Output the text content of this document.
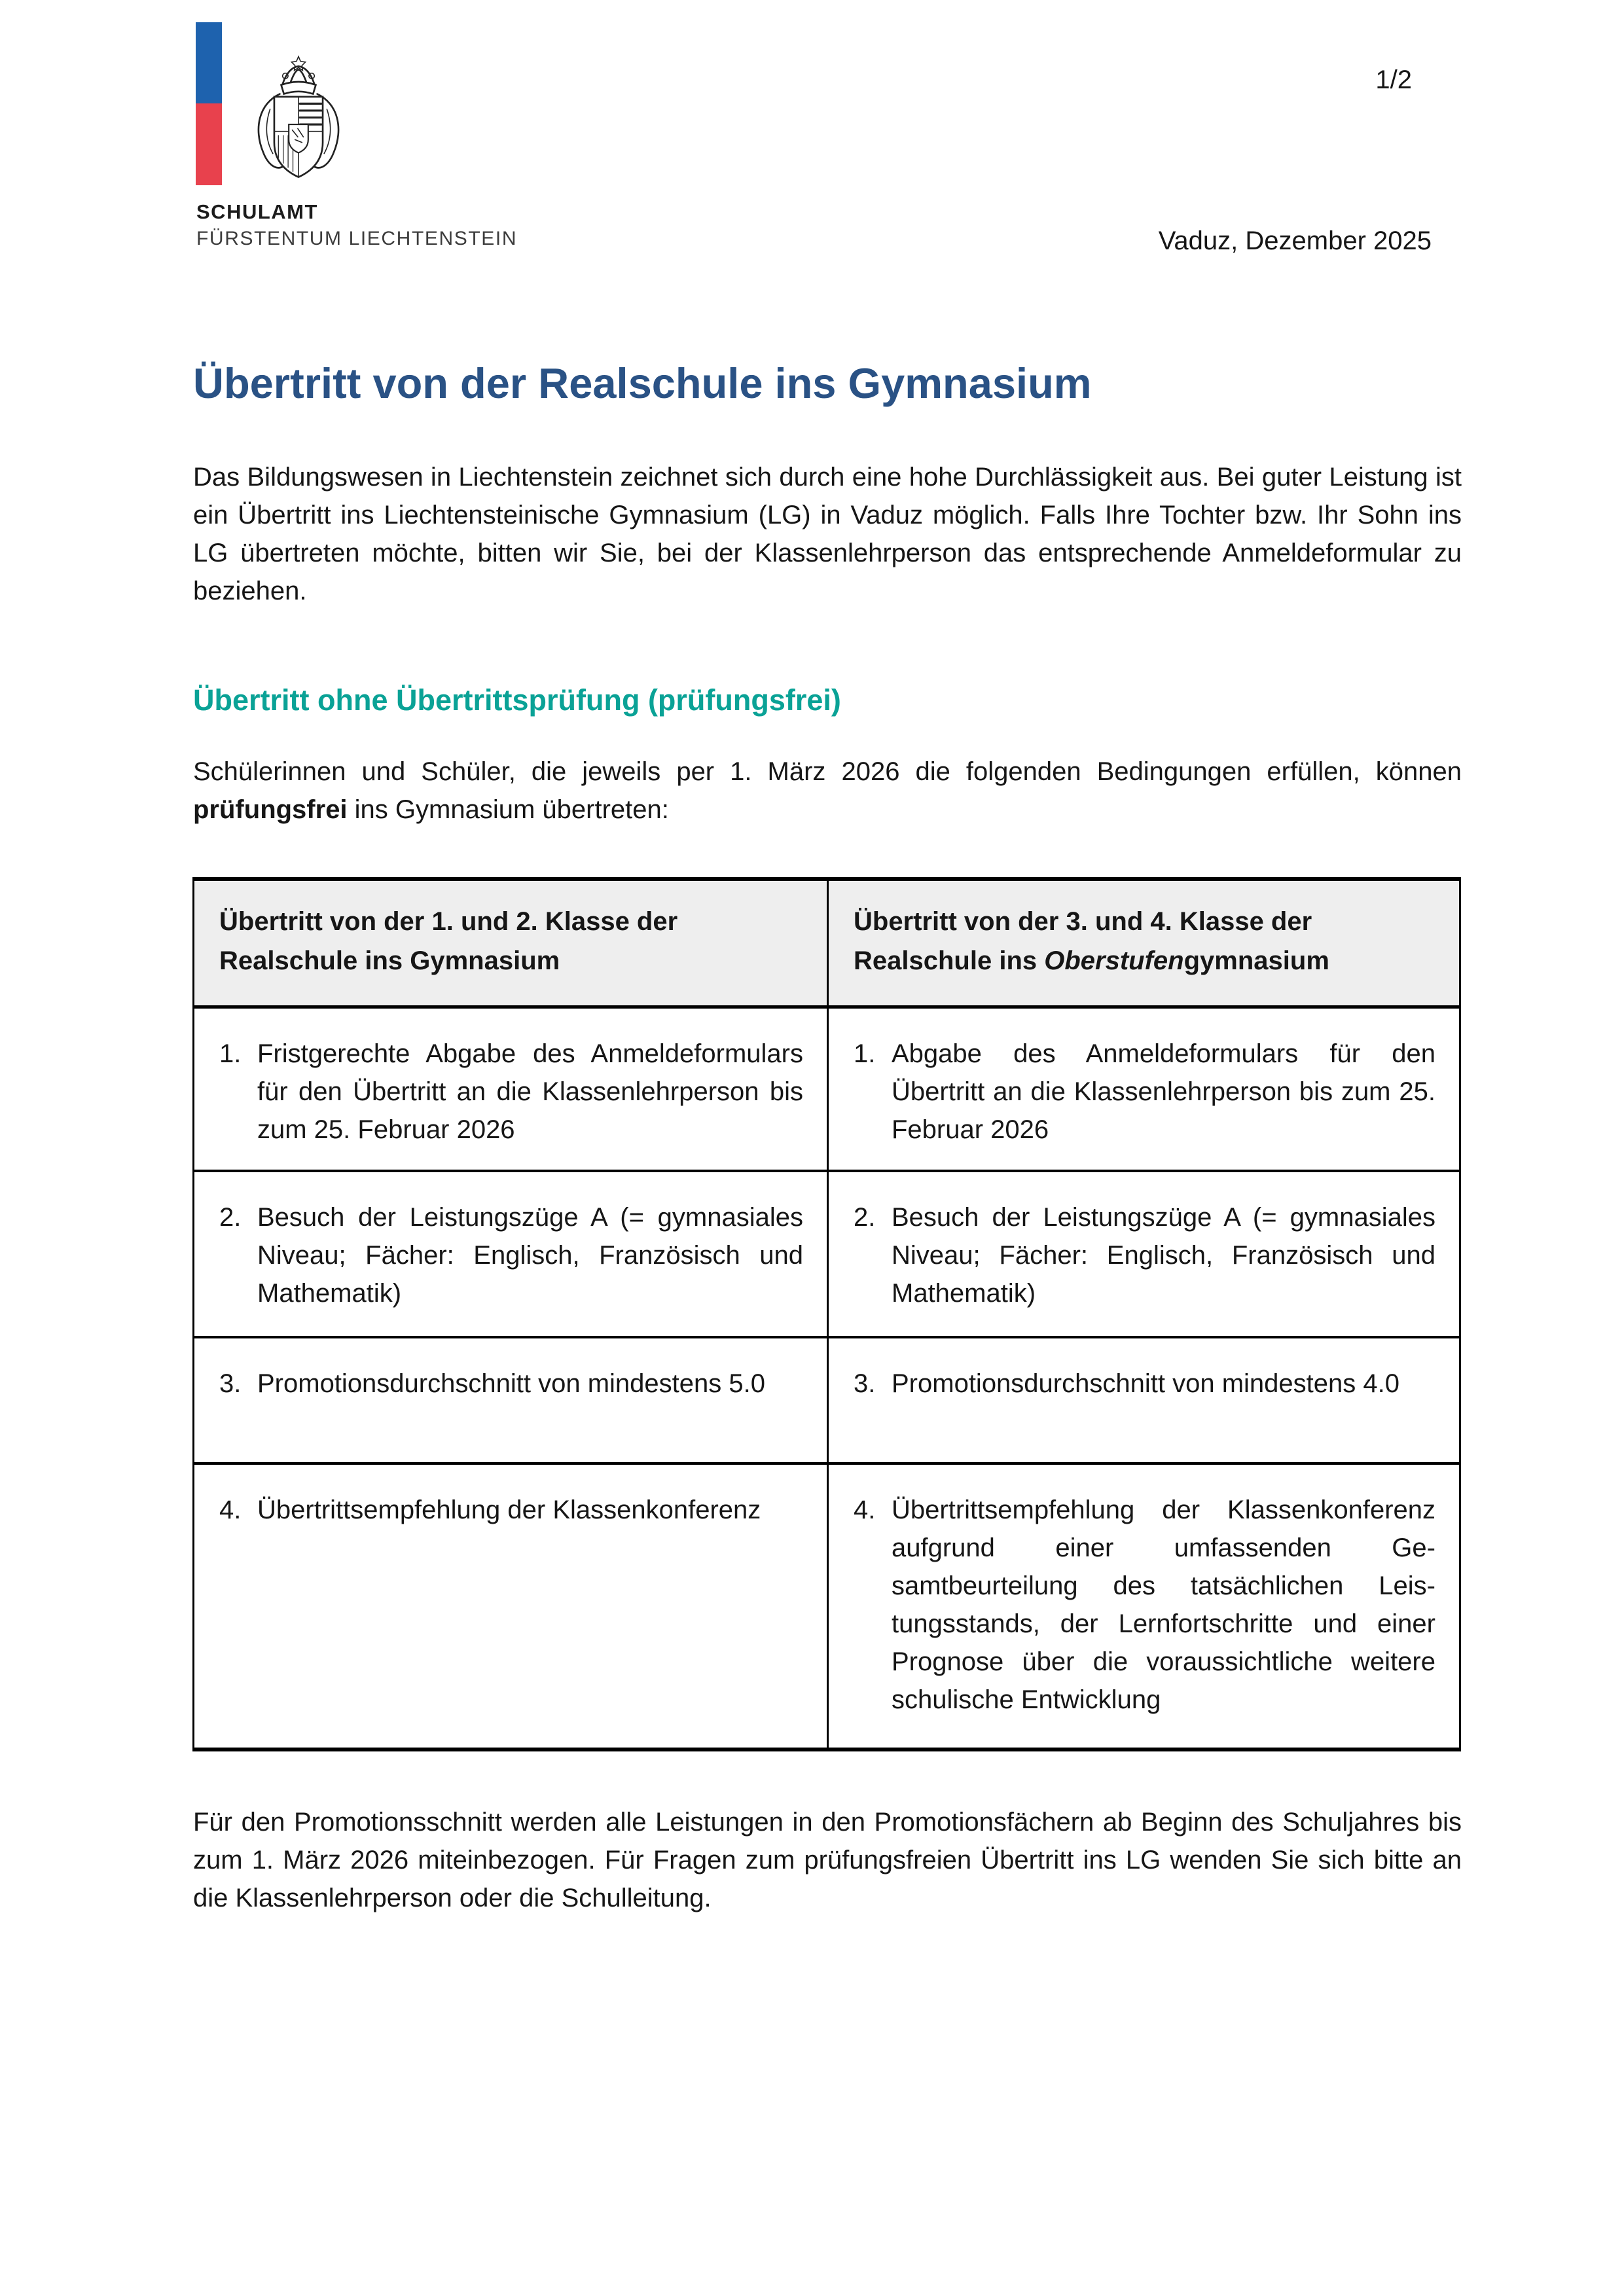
SCHULAMT
FÜRSTENTUM LIECHTENSTEIN
1/2
Vaduz, Dezember 2025
Übertritt von der Realschule ins Gymnasium

Das Bildungswesen in Liechtenstein zeichnet sich durch eine hohe Durchlässigkeit aus. Bei guter Leistung ist ein Übertritt ins Liechtensteinische Gymnasium (LG) in Vaduz möglich. Falls Ihre Tochter bzw. Ihr Sohn ins LG übertreten möchte, bitten wir Sie, bei der Klassenlehrperson das entsprechende Anmeldeformular zu beziehen.

Übertritt ohne Übertrittsprüfung (prüfungsfrei)

Schülerinnen und Schüler, die jeweils per 1. März 2026 die folgenden Bedingungen erfüllen, können prüfungsfrei ins Gymnasium übertreten:

Übertritt von der 1. und 2. Klasse der Realschule ins Gymnasium
Übertritt von der 3. und 4. Klasse der Realschule ins Oberstufengymnasium
1. Fristgerechte Abgabe des Anmeldeformulars für den Übertritt an die Klassenlehrperson bis zum 25. Februar 2026
1. Abgabe des Anmeldeformulars für den Übertritt an die Klassenlehrperson bis zum 25. Februar 2026
2. Besuch der Leistungszüge A (= gymnasiales Niveau; Fächer: Englisch, Französisch und Mathematik)
2. Besuch der Leistungszüge A (= gymnasiales Niveau; Fächer: Englisch, Französisch und Mathematik)
3. Promotionsdurchschnitt von mindestens 5.0	3. Promotionsdurchschnitt von mindestens 4.0
4. Übertrittsempfehlung der Klassenkonferenz	4. Übertrittsempfehlung der Klassenkonferenz aufgrund einer umfassenden Gesamtbeurteilung des tatsächlichen Leistungsstands, der Lernfortschritte und einer Prognose über die voraussichtliche weitere schulische Entwicklung

Für den Promotionsschnitt werden alle Leistungen in den Promotionsfächern ab Beginn des Schuljahres bis zum 1. März 2026 miteinbezogen. Für Fragen zum prüfungsfreien Übertritt ins LG wenden Sie sich bitte an die Klassenlehrperson oder die Schulleitung.
